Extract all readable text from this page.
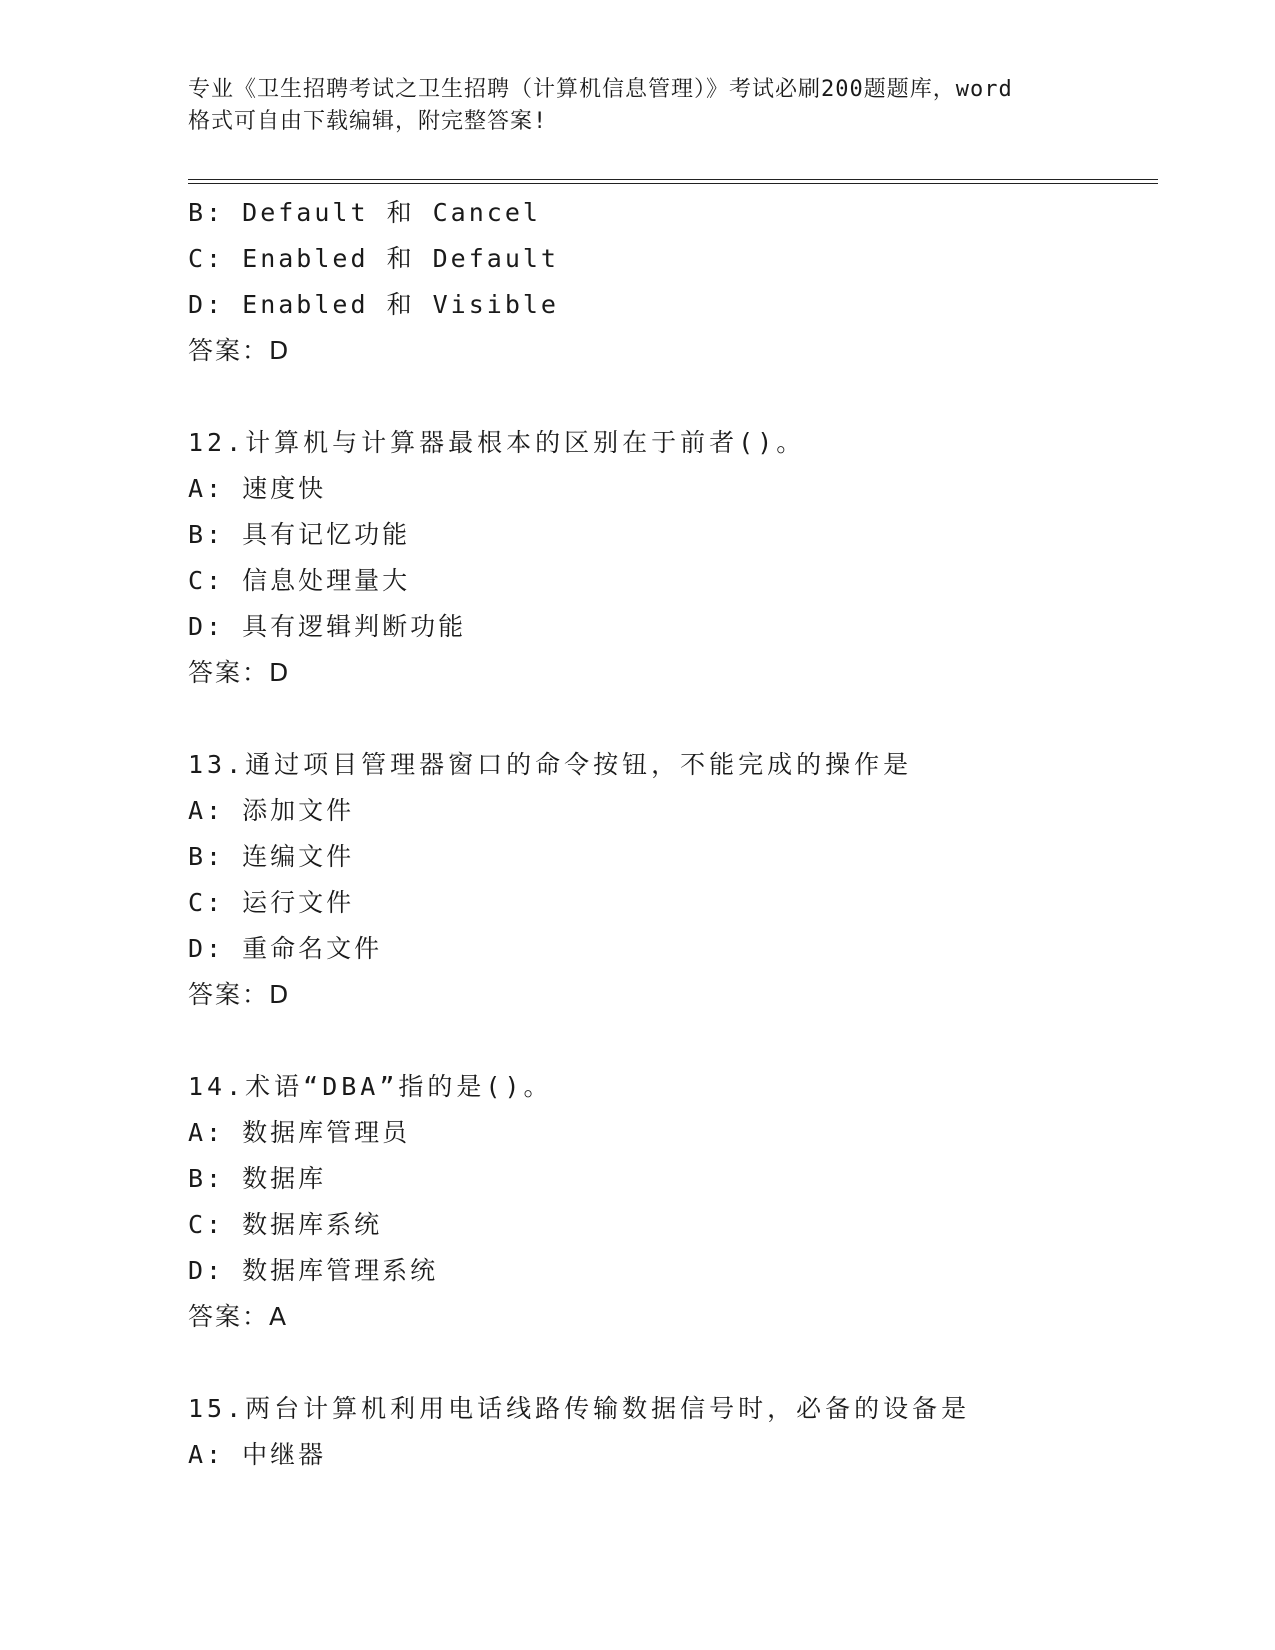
专业《卫生招聘考试之卫生招聘（计算机信息管理）》考试必刷200题题库，word
格式可自由下载编辑，附完整答案!
B: Default 和 Cancel
C: Enabled 和 Default
D: Enabled 和 Visible
答案：D
12.计算机与计算器最根本的区别在于前者()。
A: 速度快
B: 具有记忆功能
C: 信息处理量大
D: 具有逻辑判断功能
答案：D
13.通过项目管理器窗口的命令按钮，不能完成的操作是
A: 添加文件
B: 连编文件
C: 运行文件
D: 重命名文件
答案：D
14.术语“DBA”指的是()。
A: 数据库管理员
B: 数据库
C: 数据库系统
D: 数据库管理系统
答案：A
15.两台计算机利用电话线路传输数据信号时，必备的设备是
A: 中继器
